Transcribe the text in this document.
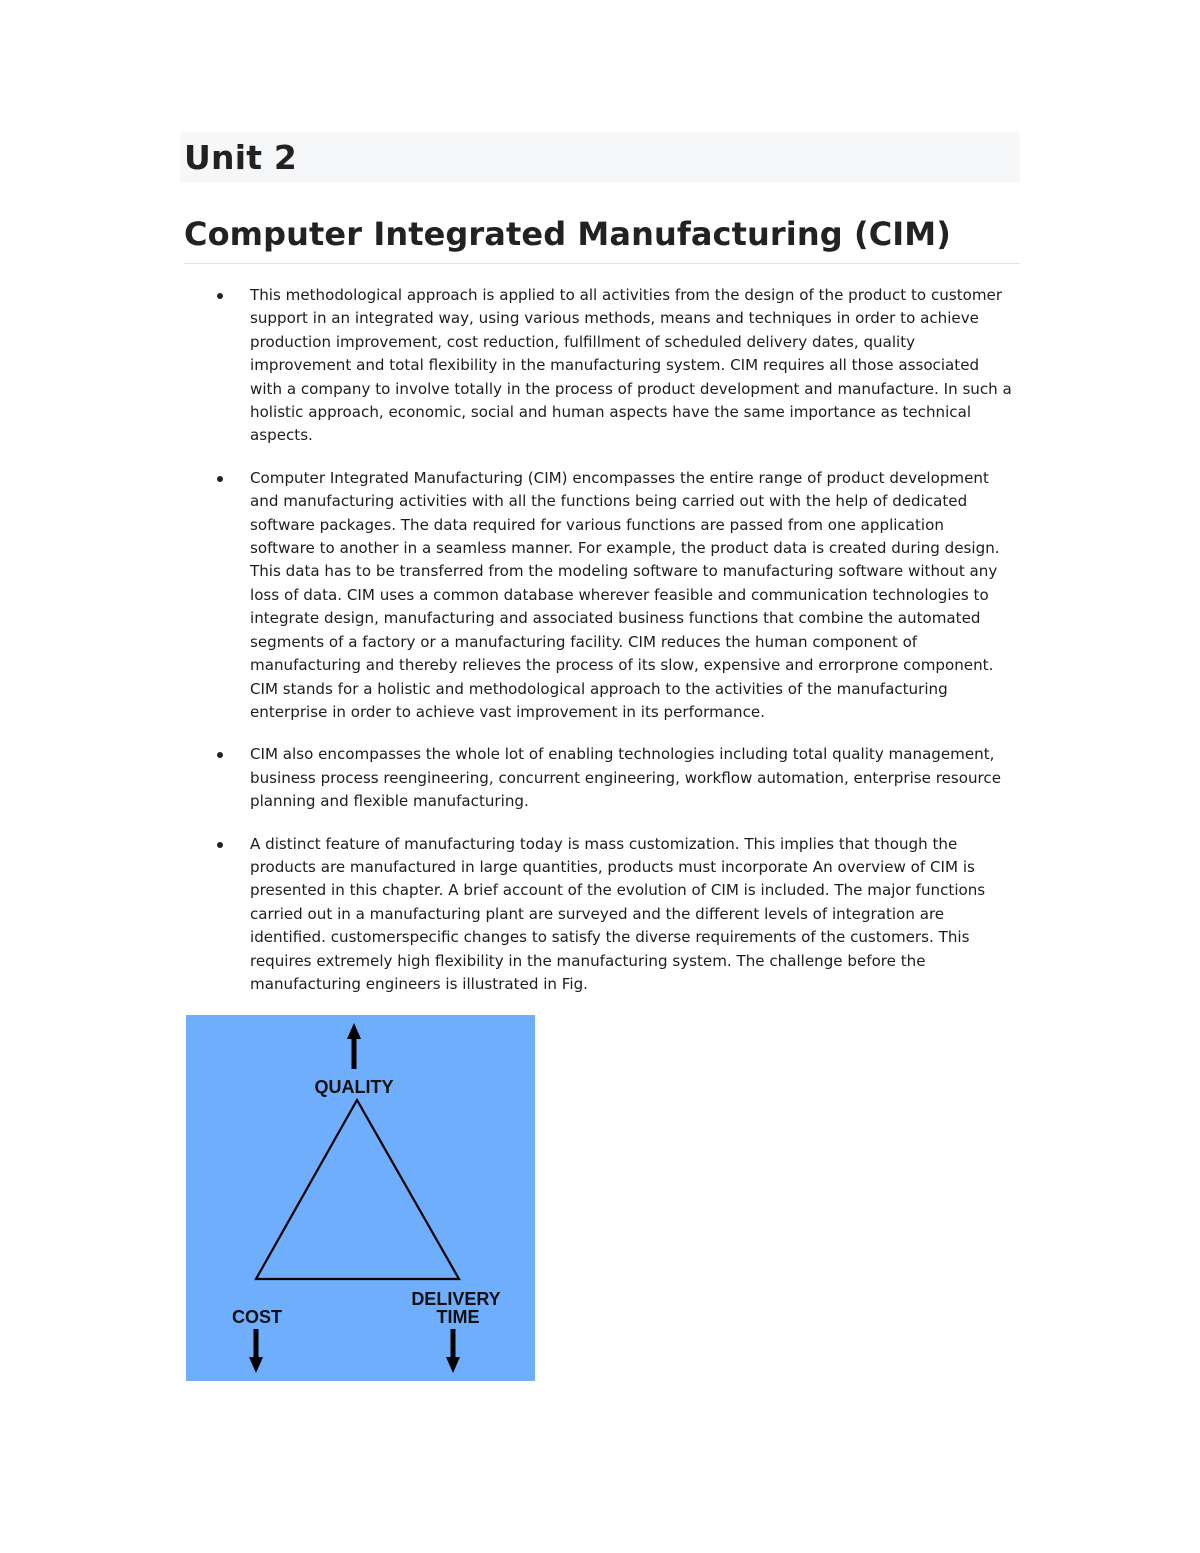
Unit 2
Computer Integrated Manufacturing (CIM)
This methodological approach is applied to all activities from the design of the product to customer support in an integrated way, using various methods, means and techniques in order to achieve production improvement, cost reduction, fulfillment of scheduled delivery dates, quality improvement and total flexibility in the manufacturing system. CIM requires all those associated with a company to involve totally in the process of product development and manufacture. In such a holistic approach, economic, social and human aspects have the same importance as technical aspects.
Computer Integrated Manufacturing (CIM) encompasses the entire range of product development and manufacturing activities with all the functions being carried out with the help of dedicated software packages. The data required for various functions are passed from one application software to another in a seamless manner. For example, the product data is created during design. This data has to be transferred from the modeling software to manufacturing software without any loss of data. CIM uses a common database wherever feasible and communication technologies to integrate design, manufacturing and associated business functions that combine the automated segments of a factory or a manufacturing facility. CIM reduces the human component of manufacturing and thereby relieves the process of its slow, expensive and errorprone component. CIM stands for a holistic and methodological approach to the activities of the manufacturing enterprise in order to achieve vast improvement in its performance.
CIM also encompasses the whole lot of enabling technologies including total quality management, business process reengineering, concurrent engineering, workflow automation, enterprise resource planning and flexible manufacturing.
A distinct feature of manufacturing today is mass customization. This implies that though the products are manufactured in large quantities, products must incorporate An overview of CIM is presented in this chapter. A brief account of the evolution of CIM is included. The major functions carried out in a manufacturing plant are surveyed and the different levels of integration are identified. customerspecific changes to satisfy the diverse requirements of the customers. This requires extremely high flexibility in the manufacturing system. The challenge before the manufacturing engineers is illustrated in Fig.
QUALITY
DELIVERY
TIME
COST
